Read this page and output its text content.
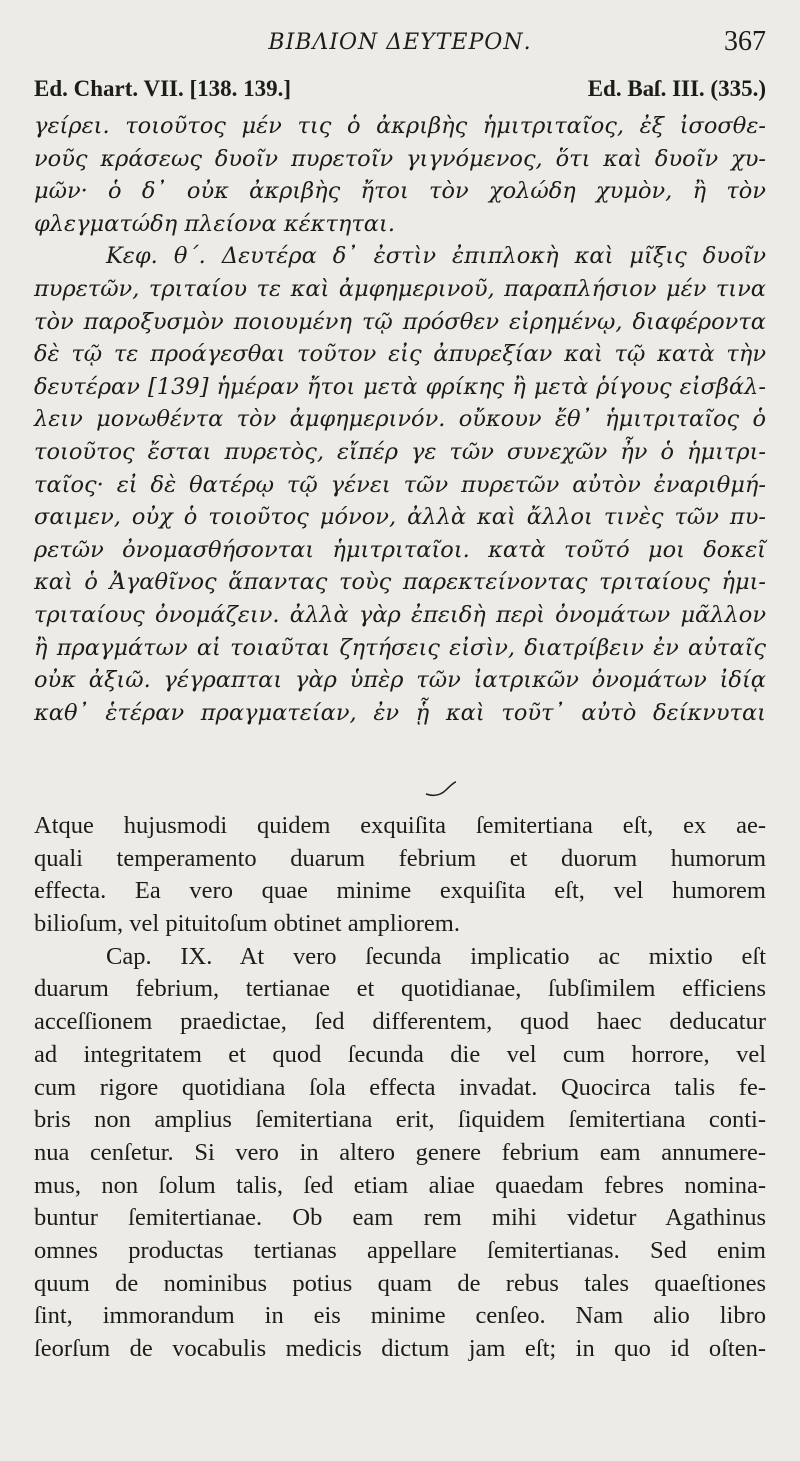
ΒΙΒΛΙΟΝ ΔΕΥΤΕΡΟΝ.	367
Ed. Chart. VII. [138. 139.]	Ed. Baſ. III. (335.)
γείρει. τοιοῦτος μέν τις ὁ ἀκριβὴς ἡμιτριταῖος, ἐξ ἰσοσθε-
νοῦς κράσεως δυοῖν πυρετοῖν γιγνόμενος, ὅτι καὶ δυοῖν χυ-
μῶν· ὁ δ᾽ οὐκ ἀκριβὴς ἤτοι τὸν χολώδη χυμὸν, ἢ τὸν
φλεγματώδη πλείονα κέκτηται.
Κεφ. θ΄. Δευτέρα δ᾽ ἐστὶν ἐπιπλοκὴ καὶ μῖξις δυοῖν
πυρετῶν, τριταίου τε καὶ ἀμφημερινοῦ, παραπλήσιον μέν τινα
τὸν παροξυσμὸν ποιουμένη τῷ πρόσθεν εἰρημένῳ, διαφέροντα
δὲ τῷ τε προάγεσθαι τοῦτον εἰς ἀπυρεξίαν καὶ τῷ κατὰ τὴν
δευτέραν [139] ἡμέραν ἤτοι μετὰ φρίκης ἢ μετὰ ῥίγους εἰσβάλ-
λειν μονωθέντα τὸν ἀμφημερινόν. οὔκουν ἔθ᾽ ἡμιτριταῖος ὁ
τοιοῦτος ἔσται πυρετὸς, εἴπέρ γε τῶν συνεχῶν ἦν ὁ ἡμιτρι-
ταῖος· εἰ δὲ θατέρῳ τῷ γένει τῶν πυρετῶν αὐτὸν ἐναριθμή-
σαιμεν, οὐχ ὁ τοιοῦτος μόνον, ἀλλὰ καὶ ἄλλοι τινὲς τῶν πυ-
ρετῶν ὀνομασθήσονται ἡμιτριταῖοι. κατὰ τοῦτό μοι δοκεῖ
καὶ ὁ Ἀγαθῖνος ἅπαντας τοὺς παρεκτείνοντας τριταίους ἡμι-
τριταίους ὀνομάζειν. ἀλλὰ γὰρ ἐπειδὴ περὶ ὀνομάτων μᾶλλον
ἢ πραγμάτων αἱ τοιαῦται ζητήσεις εἰσὶν, διατρίβειν ἐν αὐταῖς
οὐκ ἀξιῶ. γέγραπται γὰρ ὑπὲρ τῶν ἰατρικῶν ὀνομάτων ἰδίᾳ
καθ᾽ ἑτέραν πραγματείαν, ἐν ᾗ καὶ τοῦτ᾽ αὐτὸ δείκνυται
Atque hujusmodi quidem exquiſita ſemitertiana eſt, ex ae-
quali temperamento duarum febrium et duorum humorum
effecta. Ea vero quae minime exquiſita eſt, vel humorem
bilioſum, vel pituitoſum obtinet ampliorem.
Cap. IX. At vero ſecunda implicatio ac mixtio eſt
duarum febrium, tertianae et quotidianae, ſubſimilem efficiens
acceſſionem praedictae, ſed differentem, quod haec deducatur
ad integritatem et quod ſecunda die vel cum horrore, vel
cum rigore quotidiana ſola effecta invadat. Quocirca talis fe-
bris non amplius ſemitertiana erit, ſiquidem ſemitertiana conti-
nua cenſetur. Si vero in altero genere febrium eam annumere-
mus, non ſolum talis, ſed etiam aliae quaedam febres nomina-
buntur ſemitertianae. Ob eam rem mihi videtur Agathinus
omnes productas tertianas appellare ſemitertianas. Sed enim
quum de nominibus potius quam de rebus tales quaeſtiones
ſint, immorandum in eis minime cenſeo. Nam alio libro
ſeorſum de vocabulis medicis dictum jam eſt; in quo id oſten-
